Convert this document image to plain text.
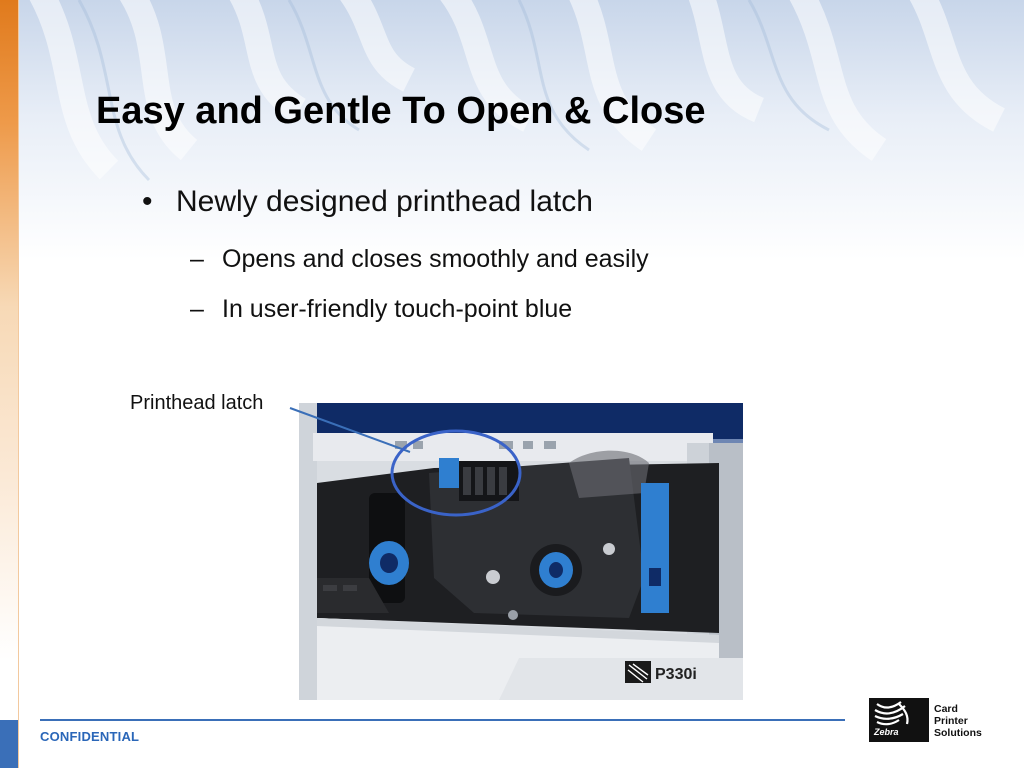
Easy and Gentle To Open & Close
• Newly designed printhead latch
– Opens and closes smoothly and easily
– In user-friendly touch-point blue
Printhead latch
P330i
CONFIDENTIAL	Zebra
Card
Printer
Solutions
